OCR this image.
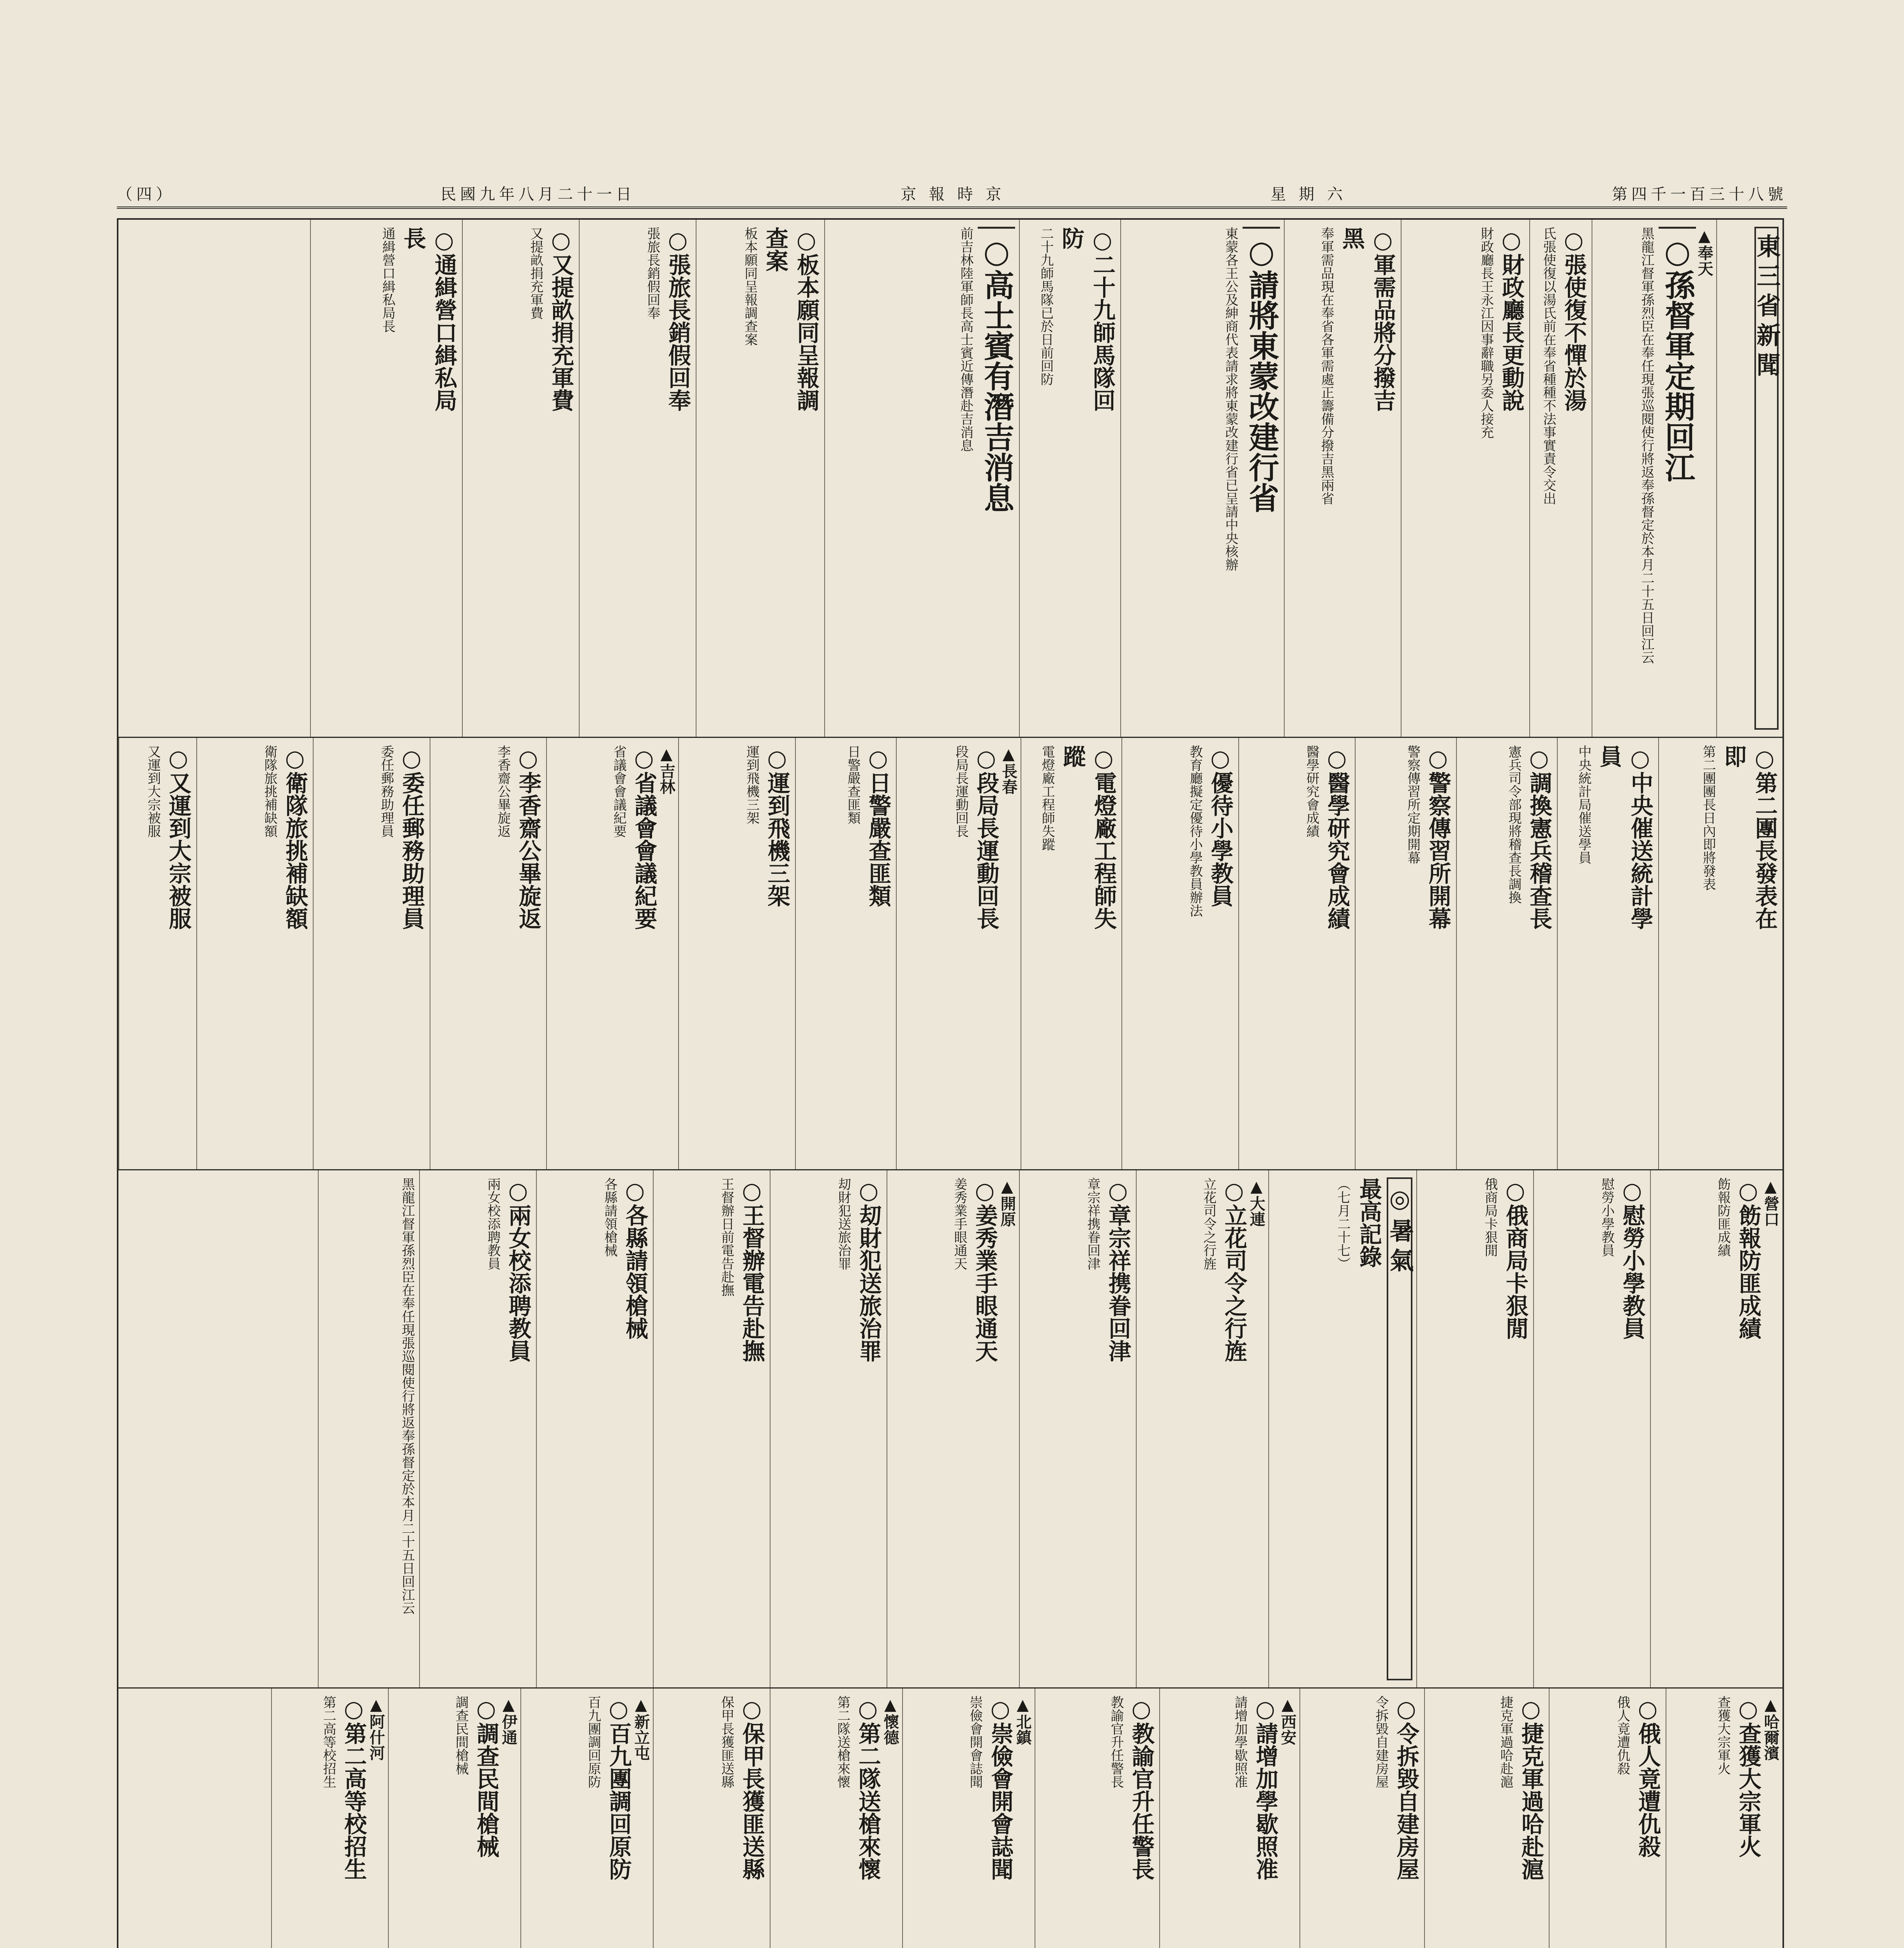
（四）	民國九年八月二十一日	京 報 時 京	星 期 六	第四千一百三十八號
東三省新聞
▲奉天
○孫督軍定期回江

黑龍江督軍孫烈臣在奉任現張巡閱使行將返奉孫督定於本月二十五日回江云

○張使復不憚於湯

氏張使復以湯氏前在奉省種種不法事實責令交出

○財政廳長更動說

財政廳長王永江因事辭職另委人接充

○軍需品將分撥吉
黑

奉軍需品現在奉省各軍需處正籌備分撥吉黑兩省

○請將東蒙改建行省

東蒙各王公及紳商代表請求將東蒙改建行省已呈請中央核辦

○二十九師馬隊回
防

二十九師馬隊已於日前回防

○高士賓有潛吉消息

前吉林陸軍師長高士賓近傳潛赴吉消息

○板本願同呈報調
查案

板本願同呈報調查案

○張旅長銷假回奉

張旅長銷假回奉

○又提畝捐充軍費

又提畝捐充軍費

○通緝營口緝私局
長

通緝營口緝私局長

○第二團長發表在
即

第二團團長日內即將發表

○中央催送統計學
員

中央統計局催送學員

○調換憲兵稽查長

憲兵司令部現將稽查長調換

○警察傳習所開幕

警察傳習所定期開幕

○醫學研究會成績

醫學研究會成績

○優待小學教員

教育廳擬定優待小學教員辦法

○電燈廠工程師失
蹤

電燈廠工程師失蹤

▲長春
○段局長運動回長

段局長運動回長

○日警嚴查匪類

日警嚴查匪類

○運到飛機三架

運到飛機三架

▲吉林
○省議會會議紀要

省議會會議紀要

○李香齋公畢旋返

李香齋公畢旋返

○委任郵務助理員

委任郵務助理員

○衛隊旅挑補缺額

衛隊旅挑補缺額

○又運到大宗被服

又運到大宗被服

▲營口
○飭報防匪成績

飭報防匪成績

○慰勞小學教員

慰勞小學教員

○俄商局卡狠閒

俄商局卡狠閒

◎暑氣
最高記錄

（七月二十七）

▲大連
○立花司令之行旌

立花司令之行旌

○章宗祥携眷回津

章宗祥携眷回津

▲開原
○姜秀業手眼通天

姜秀業手眼通天

○刧財犯送旅治罪

刧財犯送旅治罪

○王督辦電告赴撫

王督辦日前電告赴撫

○各縣請領槍械

各縣請領槍械

○兩女校添聘教員

兩女校添聘教員

黑龍江督軍孫烈臣在奉任現張巡閱使行將返奉孫督定於本月二十五日回江云

▲哈爾濱
○查獲大宗軍火

查獲大宗軍火

○俄人竟遭仇殺

俄人竟遭仇殺

○捷克軍過哈赴滬

捷克軍過哈赴滬

○令拆毀自建房屋

令拆毀自建房屋

▲西安
○請增加學歇照准

請增加學歇照准

○教諭官升任警長

教諭官升任警長

▲北鎮
○崇儉會開會誌聞

崇儉會開會誌聞

▲懷德
○第二隊送槍來懷

第二隊送槍來懷

○保甲長獲匪送縣

保甲長獲匪送縣

▲新立屯
○百九團調回原防

百九團調回原防

▲伊通
○調查民間槍械

調查民間槍械

▲阿什河
○第二高等校招生

第二高等校招生
